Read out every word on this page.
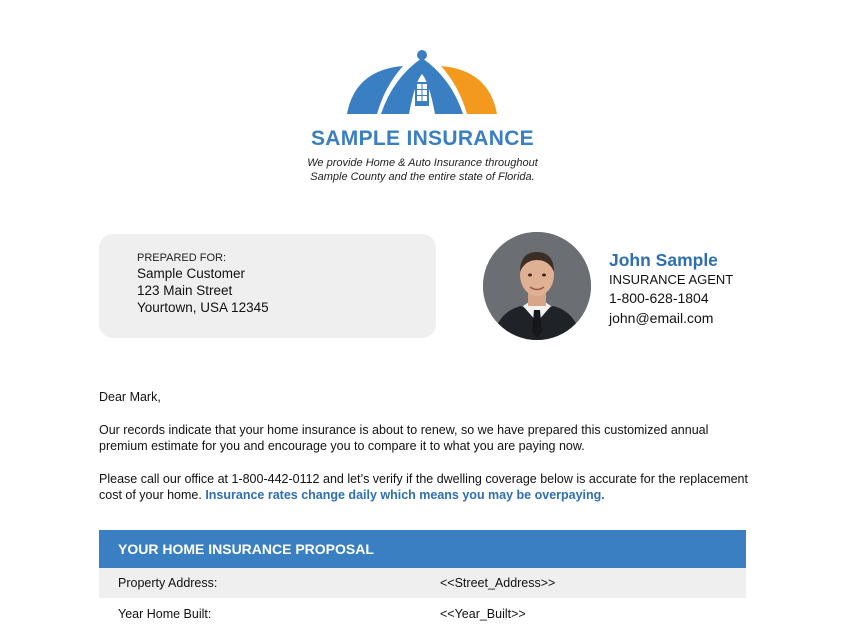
SAMPLE INSURANCE
We provide Home & Auto Insurance throughout
Sample County and the entire state of Florida.
PREPARED FOR:
Sample Customer
123 Main Street
Yourtown, USA 12345
John Sample
INSURANCE AGENT
1-800-628-1804
john@email.com

Dear Mark,

Our records indicate that your home insurance is about to renew, so we have prepared this customized annual premium estimate for you and encourage you to compare it to what you are paying now.

Please call our office at 1-800-442-0112 and let’s verify if the dwelling coverage below is accurate for the replacement cost of your home. Insurance rates change daily which means you may be overpaying.

YOUR HOME INSURANCE PROPOSAL
Property Address:	<<Street_Address>>
Year Home Built:	<<Year_Built>>
